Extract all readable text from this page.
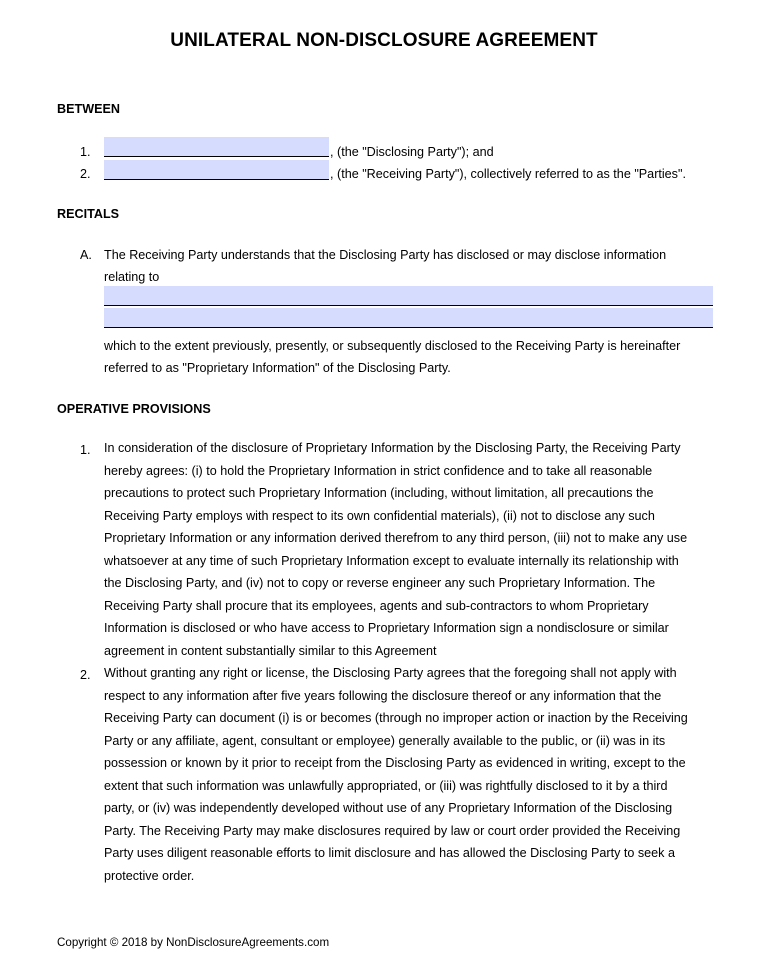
UNILATERAL NON-DISCLOSURE AGREEMENT
BETWEEN
1.	, (the "Disclosing Party"); and
2.	, (the "Receiving Party"), collectively referred to as the "Parties".
RECITALS
A. The Receiving Party understands that the Disclosing Party has disclosed or may disclose information
relating to
which to the extent previously, presently, or subsequently disclosed to the Receiving Party is hereinafter
referred to as "Proprietary Information" of the Disclosing Party.
OPERATIVE PROVISIONS
1. In consideration of the disclosure of Proprietary Information by the Disclosing Party, the Receiving Party
hereby agrees: (i) to hold the Proprietary Information in strict confidence and to take all reasonable
precautions to protect such Proprietary Information (including, without limitation, all precautions the
Receiving Party employs with respect to its own confidential materials), (ii) not to disclose any such
Proprietary Information or any information derived therefrom to any third person, (iii) not to make any use
whatsoever at any time of such Proprietary Information except to evaluate internally its relationship with
the Disclosing Party, and (iv) not to copy or reverse engineer any such Proprietary Information. The
Receiving Party shall procure that its employees, agents and sub-contractors to whom Proprietary
Information is disclosed or who have access to Proprietary Information sign a nondisclosure or similar
agreement in content substantially similar to this Agreement
2. Without granting any right or license, the Disclosing Party agrees that the foregoing shall not apply with
respect to any information after five years following the disclosure thereof or any information that the
Receiving Party can document (i) is or becomes (through no improper action or inaction by the Receiving
Party or any affiliate, agent, consultant or employee) generally available to the public, or (ii) was in its
possession or known by it prior to receipt from the Disclosing Party as evidenced in writing, except to the
extent that such information was unlawfully appropriated, or (iii) was rightfully disclosed to it by a third
party, or (iv) was independently developed without use of any Proprietary Information of the Disclosing
Party. The Receiving Party may make disclosures required by law or court order provided the Receiving
Party uses diligent reasonable efforts to limit disclosure and has allowed the Disclosing Party to seek a
protective order.
Copyright © 2018 by NonDisclosureAgreements.com
